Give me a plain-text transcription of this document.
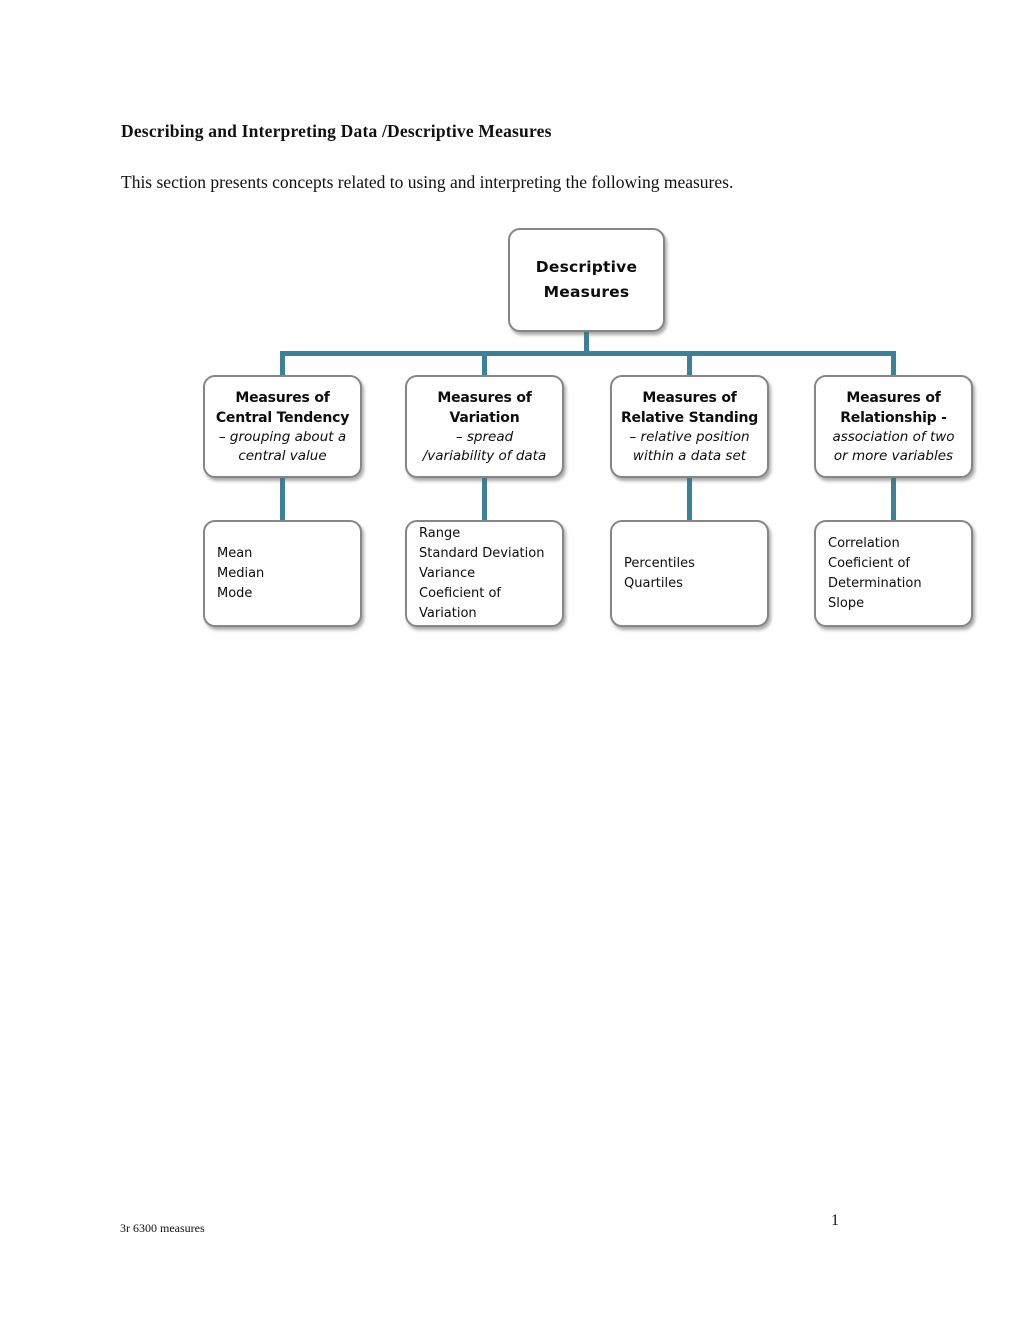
Describing and Interpreting Data /Descriptive Measures
This section presents concepts related to using and interpreting the following measures.
Descriptive
Measures
Measures of
Central Tendency
– grouping about a
central value
Measures of
Variation
– spread
/variability of data
Measures of
Relative Standing
– relative position
within a data set
Measures of
Relationship -
association of two
or more variables
Mean
Median
Mode
Range
Standard Deviation
Variance
Coeficient of Variation
Percentiles
Quartiles
Correlation
Coeficient of Determination
Slope
3r 6300 measures	1
